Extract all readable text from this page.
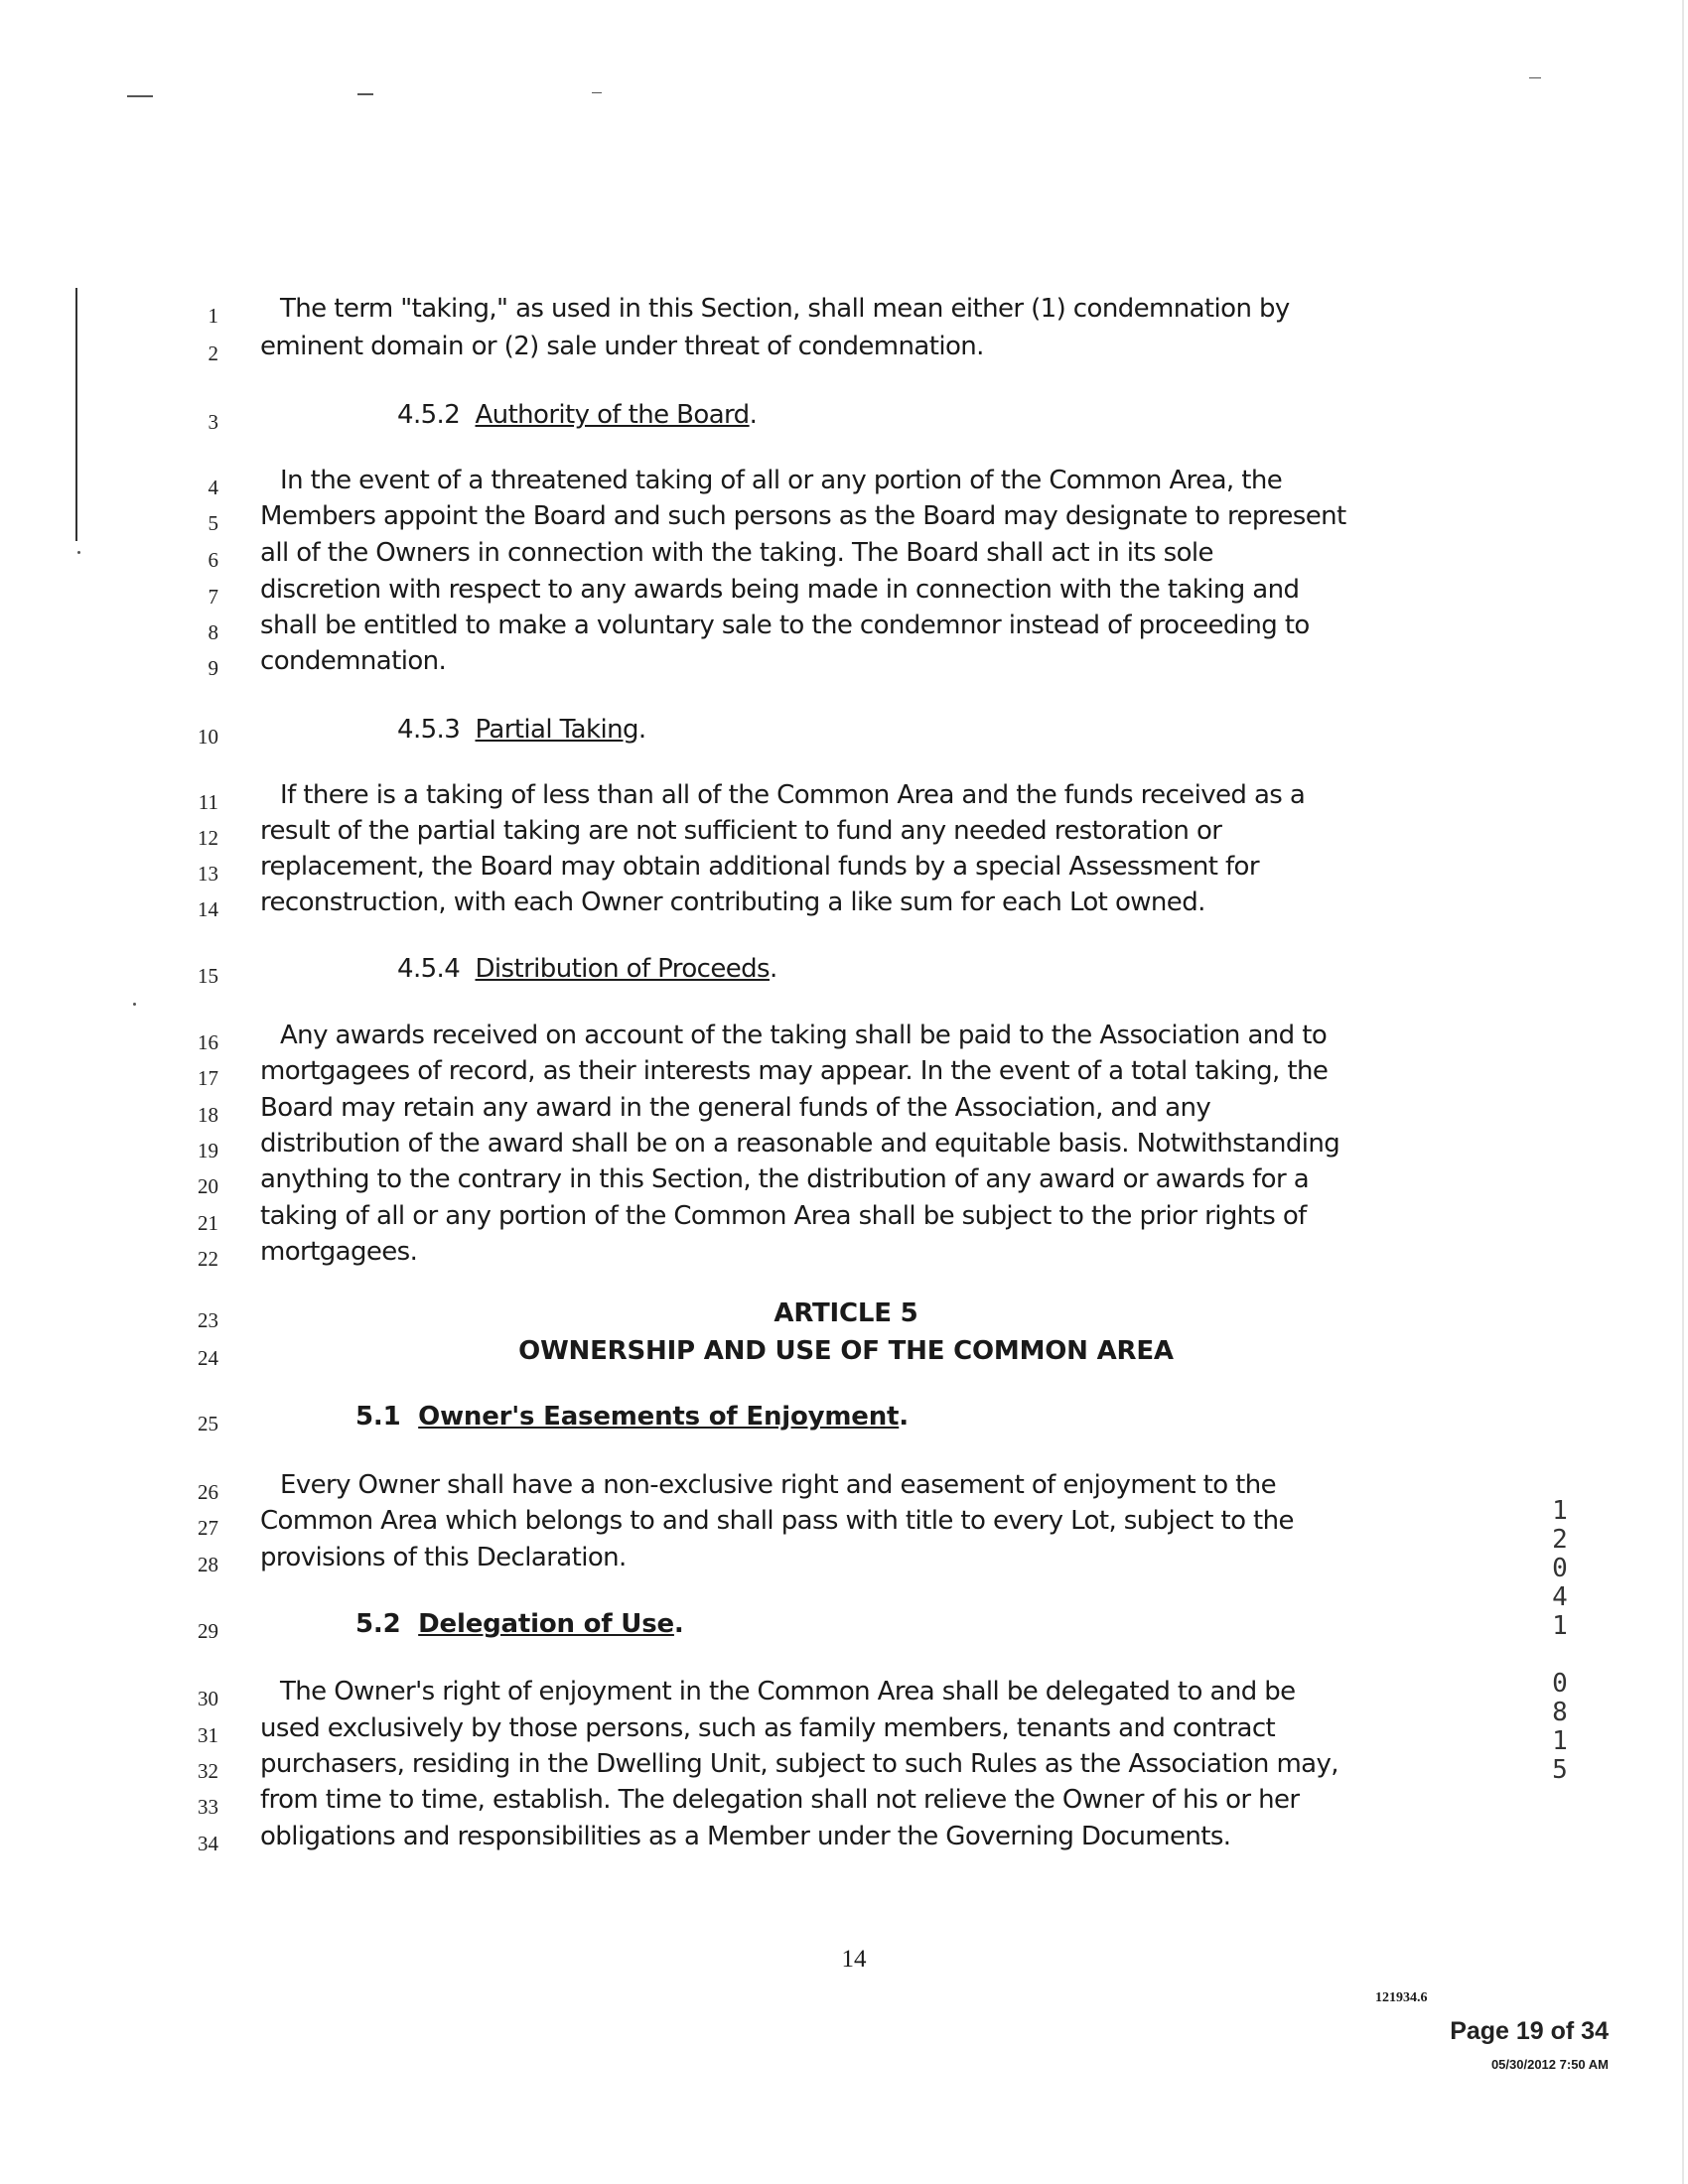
1 The term "taking," as used in this Section, shall mean either (1) condemnation by
2 eminent domain or (2) sale under threat of condemnation.
3	4.5.2  Authority of the Board.
4 In the event of a threatened taking of all or any portion of the Common Area, the
5 Members appoint the Board and such persons as the Board may designate to represent
6 all of the Owners in connection with the taking. The Board shall act in its sole
7 discretion with respect to any awards being made in connection with the taking and
8 shall be entitled to make a voluntary sale to the condemnor instead of proceeding to
9 condemnation.
10	4.5.3  Partial Taking.
11 If there is a taking of less than all of the Common Area and the funds received as a
12 result of the partial taking are not sufficient to fund any needed restoration or
13 replacement, the Board may obtain additional funds by a special Assessment for
14 reconstruction, with each Owner contributing a like sum for each Lot owned.
15	4.5.4  Distribution of Proceeds.
16 Any awards received on account of the taking shall be paid to the Association and to
17 mortgagees of record, as their interests may appear. In the event of a total taking, the
18 Board may retain any award in the general funds of the Association, and any
19 distribution of the award shall be on a reasonable and equitable basis. Notwithstanding
20 anything to the contrary in this Section, the distribution of any award or awards for a
21 taking of all or any portion of the Common Area shall be subject to the prior rights of
22 mortgagees.
23	ARTICLE 5
24	OWNERSHIP AND USE OF THE COMMON AREA
25	5.1  Owner's Easements of Enjoyment.
26 Every Owner shall have a non-exclusive right and easement of enjoyment to the
27 Common Area which belongs to and shall pass with title to every Lot, subject to the
28 provisions of this Declaration.
29	5.2  Delegation of Use.
30 The Owner's right of enjoyment in the Common Area shall be delegated to and be
31 used exclusively by those persons, such as family members, tenants and contract
32 purchasers, residing in the Dwelling Unit, subject to such Rules as the Association may,
33 from time to time, establish. The delegation shall not relieve the Owner of his or her
34 obligations and responsibilities as a Member under the Governing Documents.
14
121934.6
Page 19 of 34
05/30/2012 7:50 AM
1
2
0
4
1
0
8
1
5
